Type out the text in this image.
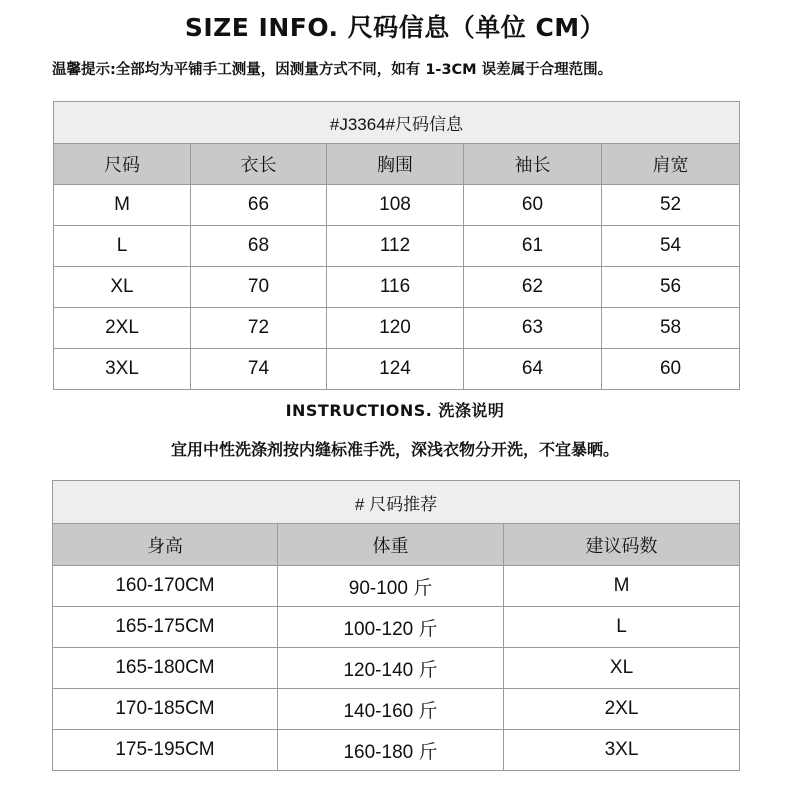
SIZE INFO. 尺码信息（单位 CM）
温馨提示:全部均为平铺手工测量，因测量方式不同，如有 1-3CM 误差属于合理范围。
#J3364#尺码信息				
尺码	衣长	胸围	袖长	肩宽
M	66	108	60	52
L	68	112	61	54
XL	70	116	62	56
2XL	72	120	63	58
3XL	74	124	64	60
INSTRUCTIONS. 洗涤说明
宜用中性洗涤剂按内缝标准手洗，深浅衣物分开洗，不宜暴晒。
# 尺码推荐		
身高	体重	建议码数
160-170CM	90-100 斤	M
165-175CM	100-120 斤	L
165-180CM	120-140 斤	XL
170-185CM	140-160 斤	2XL
175-195CM	160-180 斤	3XL
